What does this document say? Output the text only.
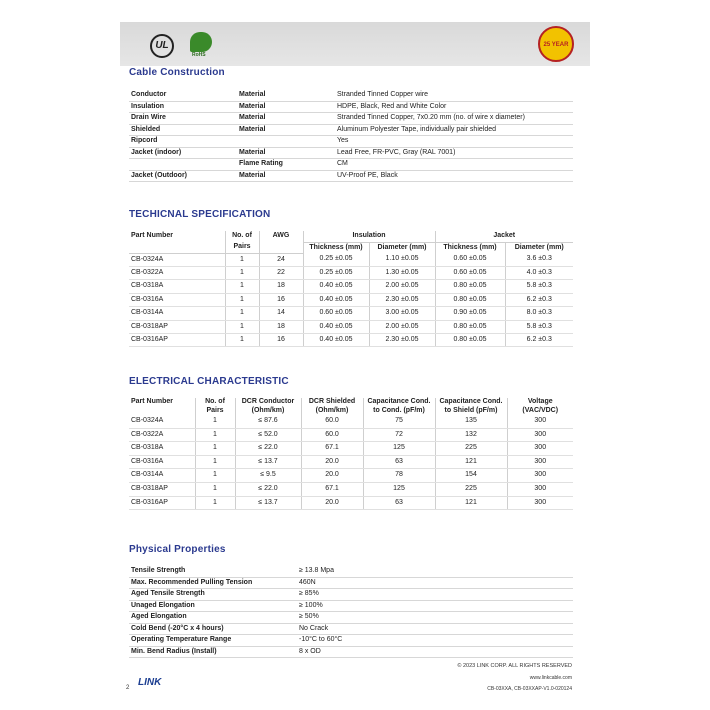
UL
RoHS
25 YEAR
Cable Construction
Conductor	Material	Stranded Tinned Copper wire
Insulation	Material	HDPE, Black, Red and White Color
Drain Wire	Material	Stranded Tinned Copper, 7x0.20 mm (no. of wire x diameter)
Shielded	Material	Aluminum Polyester Tape, individually pair shielded
Ripcord		Yes
Jacket (indoor)	Material	Lead Free, FR-PVC, Gray (RAL 7001)
	Flame Rating	CM
Jacket (Outdoor)	Material	UV-Proof PE, Black
TECHICNAL SPECIFICATION
Part Number	No. of Pairs	AWG	Insulation		Jacket	
			Thickness (mm)	Diameter (mm)	Thickness (mm)	Diameter (mm)
CB-0324A	1	24	0.25 ±0.05	1.10 ±0.05	0.60 ±0.05	3.6 ±0.3
CB-0322A	1	22	0.25 ±0.05	1.30 ±0.05	0.60 ±0.05	4.0 ±0.3
CB-0318A	1	18	0.40 ±0.05	2.00 ±0.05	0.80 ±0.05	5.8 ±0.3
CB-0316A	1	16	0.40 ±0.05	2.30 ±0.05	0.80 ±0.05	6.2 ±0.3
CB-0314A	1	14	0.60 ±0.05	3.00 ±0.05	0.90 ±0.05	8.0 ±0.3
CB-0318AP	1	18	0.40 ±0.05	2.00 ±0.05	0.80 ±0.05	5.8 ±0.3
CB-0316AP	1	16	0.40 ±0.05	2.30 ±0.05	0.80 ±0.05	6.2 ±0.3
ELECTRICAL CHARACTERISTIC
Part Number	No. of Pairs	DCR Conductor (Ohm/km)	DCR Shielded (Ohm/km)	Capacitance Cond. to Cond. (pF/m)	Capacitance Cond. to Shield (pF/m)	Voltage (VAC/VDC)
CB-0324A	1	≤ 87.6	60.0	75	135	300
CB-0322A	1	≤ 52.0	60.0	72	132	300
CB-0318A	1	≤ 22.0	67.1	125	225	300
CB-0316A	1	≤ 13.7	20.0	63	121	300
CB-0314A	1	≤ 9.5	20.0	78	154	300
CB-0318AP	1	≤ 22.0	67.1	125	225	300
CB-0316AP	1	≤ 13.7	20.0	63	121	300
Physical Properties
Tensile Strength	≥ 13.8 Mpa
Max. Recommended Pulling Tension	460N
Aged Tensile Strength	≥ 85%
Unaged Elongation	≥ 100%
Aged Elongation	≥ 50%
Cold Bend (-20°C x 4 hours)	No Crack
Operating Temperature Range	-10°C to 60°C
Min. Bend Radius (Install)	8 x OD
© 2023 LINK CORP. ALL RIGHTS RESERVED
www.linkcable.com
CB-03XXA, CB-03XXAP-V1.0-020124
2 LINK
